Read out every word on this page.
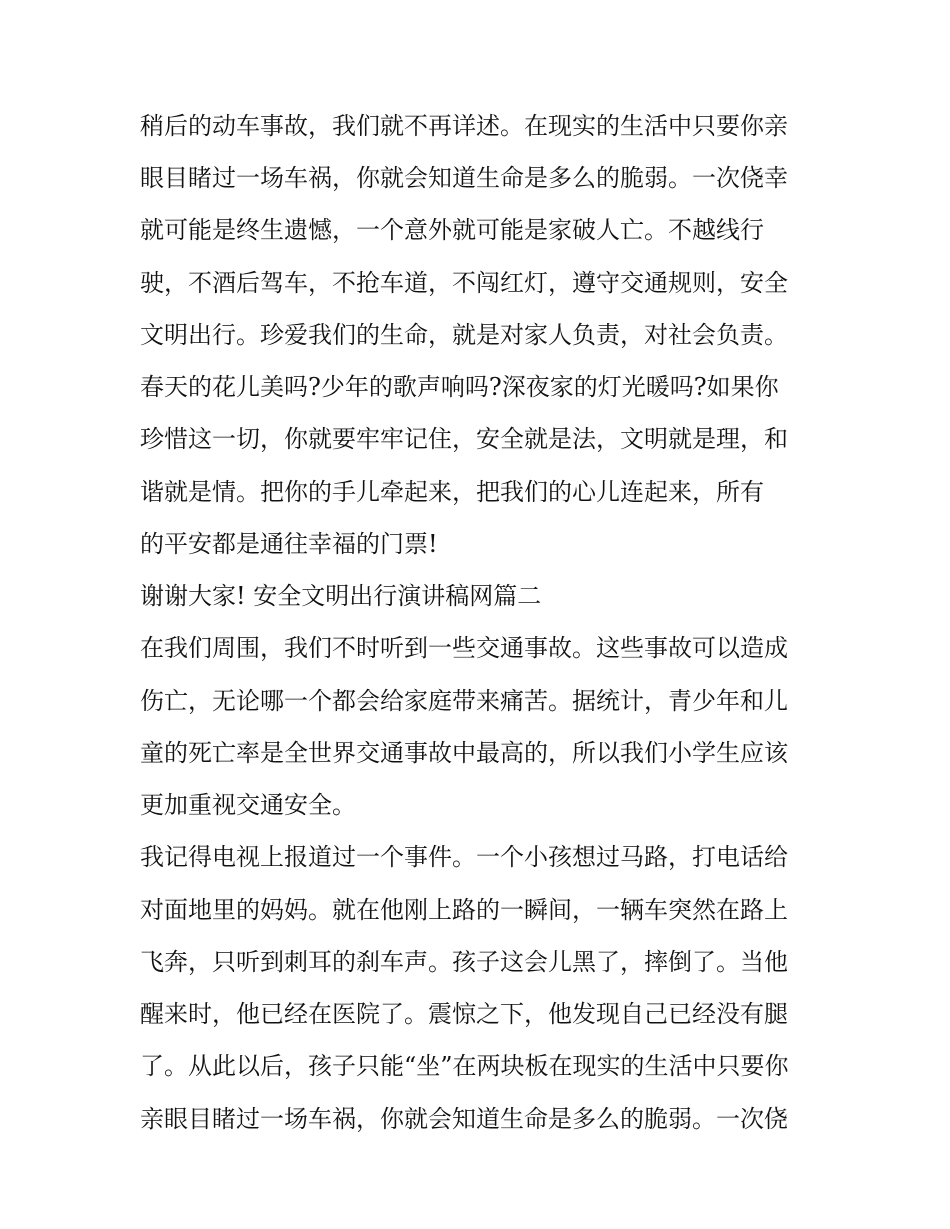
稍后的动车事故，我们就不再详述。在现实的生活中只要你亲
眼目睹过一场车祸，你就会知道生命是多么的脆弱。一次侥幸
就可能是终生遗憾，一个意外就可能是家破人亡。不越线行
驶，不酒后驾车，不抢车道，不闯红灯，遵守交通规则，安全
文明出行。珍爱我们的生命，就是对家人负责，对社会负责。
春天的花儿美吗?少年的歌声响吗?深夜家的灯光暖吗?如果你
珍惜这一切，你就要牢牢记住，安全就是法，文明就是理，和
谐就是情。把你的手儿牵起来，把我们的心儿连起来，所有
的平安都是通往幸福的门票!
谢谢大家! 安全文明出行演讲稿网篇二
在我们周围，我们不时听到一些交通事故。这些事故可以造成
伤亡，无论哪一个都会给家庭带来痛苦。据统计，青少年和儿
童的死亡率是全世界交通事故中最高的，所以我们小学生应该
更加重视交通安全。
我记得电视上报道过一个事件。一个小孩想过马路，打电话给
对面地里的妈妈。就在他刚上路的一瞬间，一辆车突然在路上
飞奔，只听到刺耳的刹车声。孩子这会儿黑了，摔倒了。当他
醒来时，他已经在医院了。震惊之下，他发现自己已经没有腿
了。从此以后，孩子只能“坐”在两块板在现实的生活中只要你
亲眼目睹过一场车祸，你就会知道生命是多么的脆弱。一次侥
